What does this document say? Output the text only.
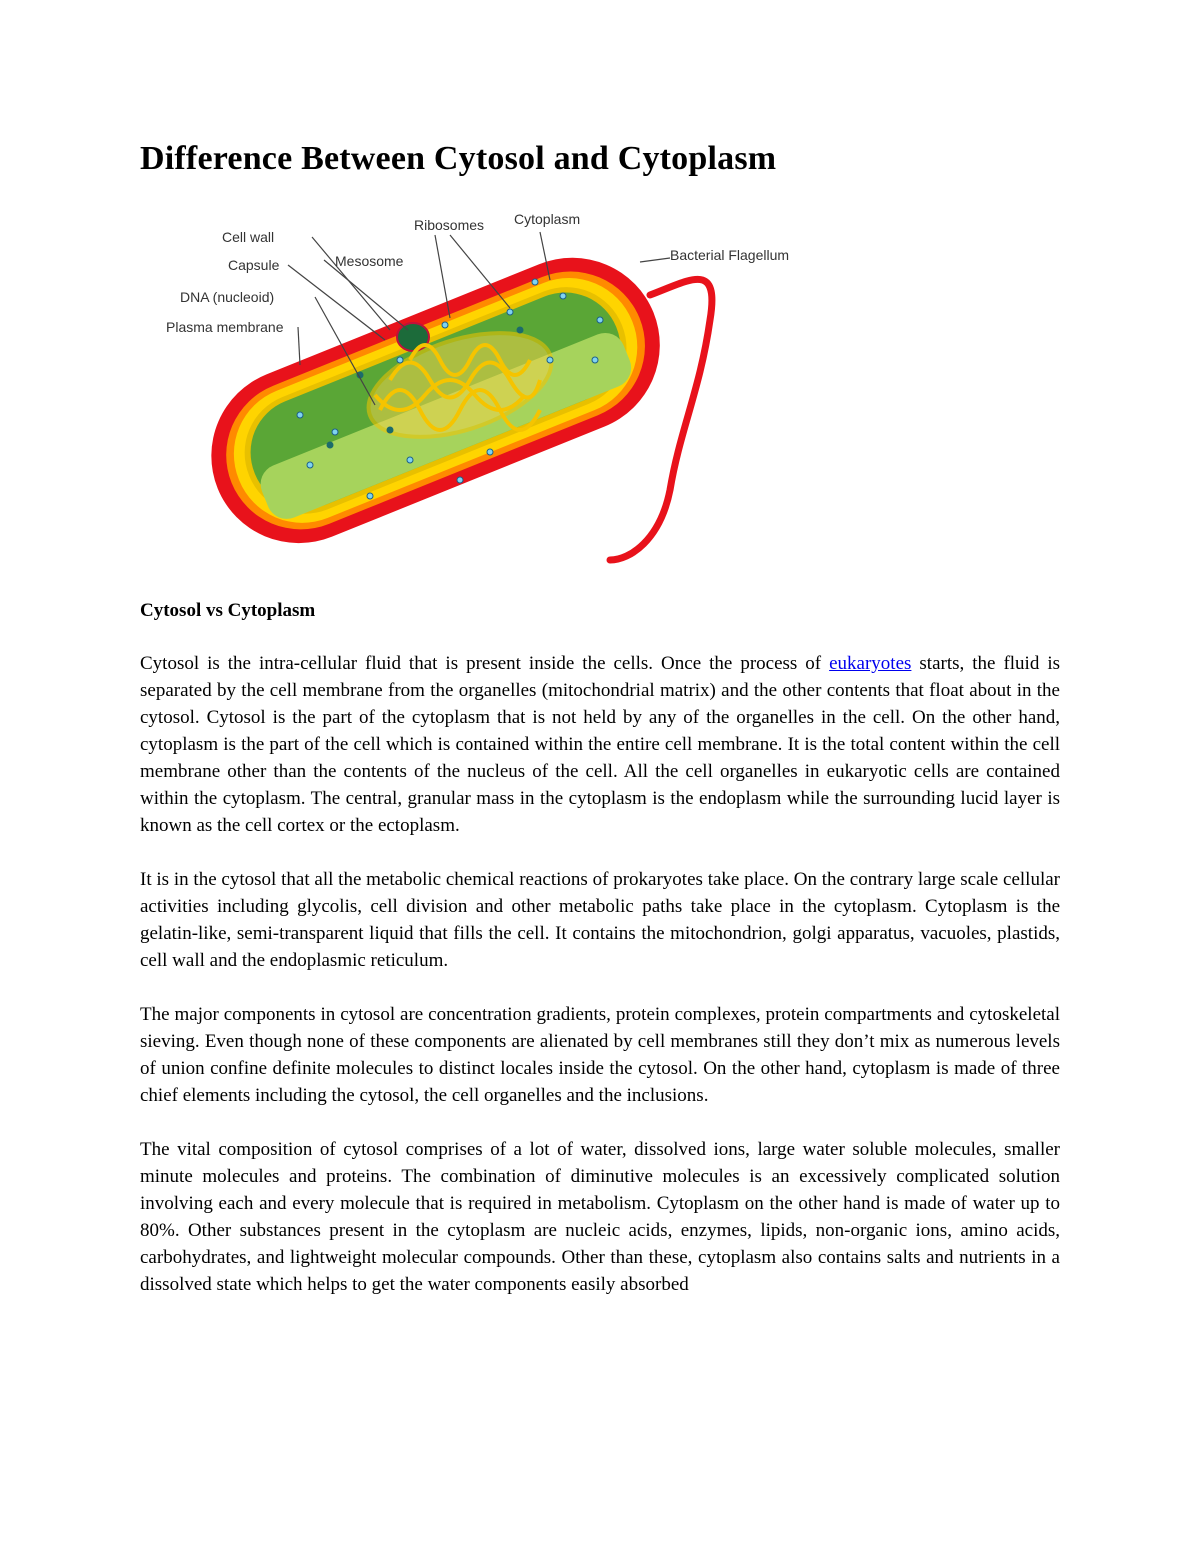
Difference Between Cytosol and Cytoplasm
Cell wall
Capsule
DNA (nucleoid)
Plasma membrane
Mesosome
Ribosomes Cytoplasm
Bacterial Flagellum
Cytosol vs Cytoplasm

Cytosol is the intra-cellular fluid that is present inside the cells. Once the process of eukaryotes starts, the fluid is separated by the cell membrane from the organelles (mitochondrial matrix) and the other contents that float about in the cytosol. Cytosol is the part of the cytoplasm that is not held by any of the organelles in the cell. On the other hand, cytoplasm is the part of the cell which is contained within the entire cell membrane. It is the total content within the cell membrane other than the contents of the nucleus of the cell. All the cell organelles in eukaryotic cells are contained within the cytoplasm. The central, granular mass in the cytoplasm is the endoplasm while the surrounding lucid layer is known as the cell cortex or the ectoplasm.

It is in the cytosol that all the metabolic chemical reactions of prokaryotes take place. On the contrary large scale cellular activities including glycolis, cell division and other metabolic paths take place in the cytoplasm. Cytoplasm is the gelatin-like, semi-transparent liquid that fills the cell. It contains the mitochondrion, golgi apparatus, vacuoles, plastids, cell wall and the endoplasmic reticulum.

The major components in cytosol are concentration gradients, protein complexes, protein compartments and cytoskeletal sieving. Even though none of these components are alienated by cell membranes still they don’t mix as numerous levels of union confine definite molecules to distinct locales inside the cytosol. On the other hand, cytoplasm is made of three chief elements including the cytosol, the cell organelles and the inclusions.

The vital composition of cytosol comprises of a lot of water, dissolved ions, large water soluble molecules, smaller minute molecules and proteins. The combination of diminutive molecules is an excessively complicated solution involving each and every molecule that is required in metabolism. Cytoplasm on the other hand is made of water up to 80%. Other substances present in the cytoplasm are nucleic acids, enzymes, lipids, non-organic ions, amino acids, carbohydrates, and lightweight molecular compounds. Other than these, cytoplasm also contains salts and nutrients in a dissolved state which helps to get the water components easily absorbed
